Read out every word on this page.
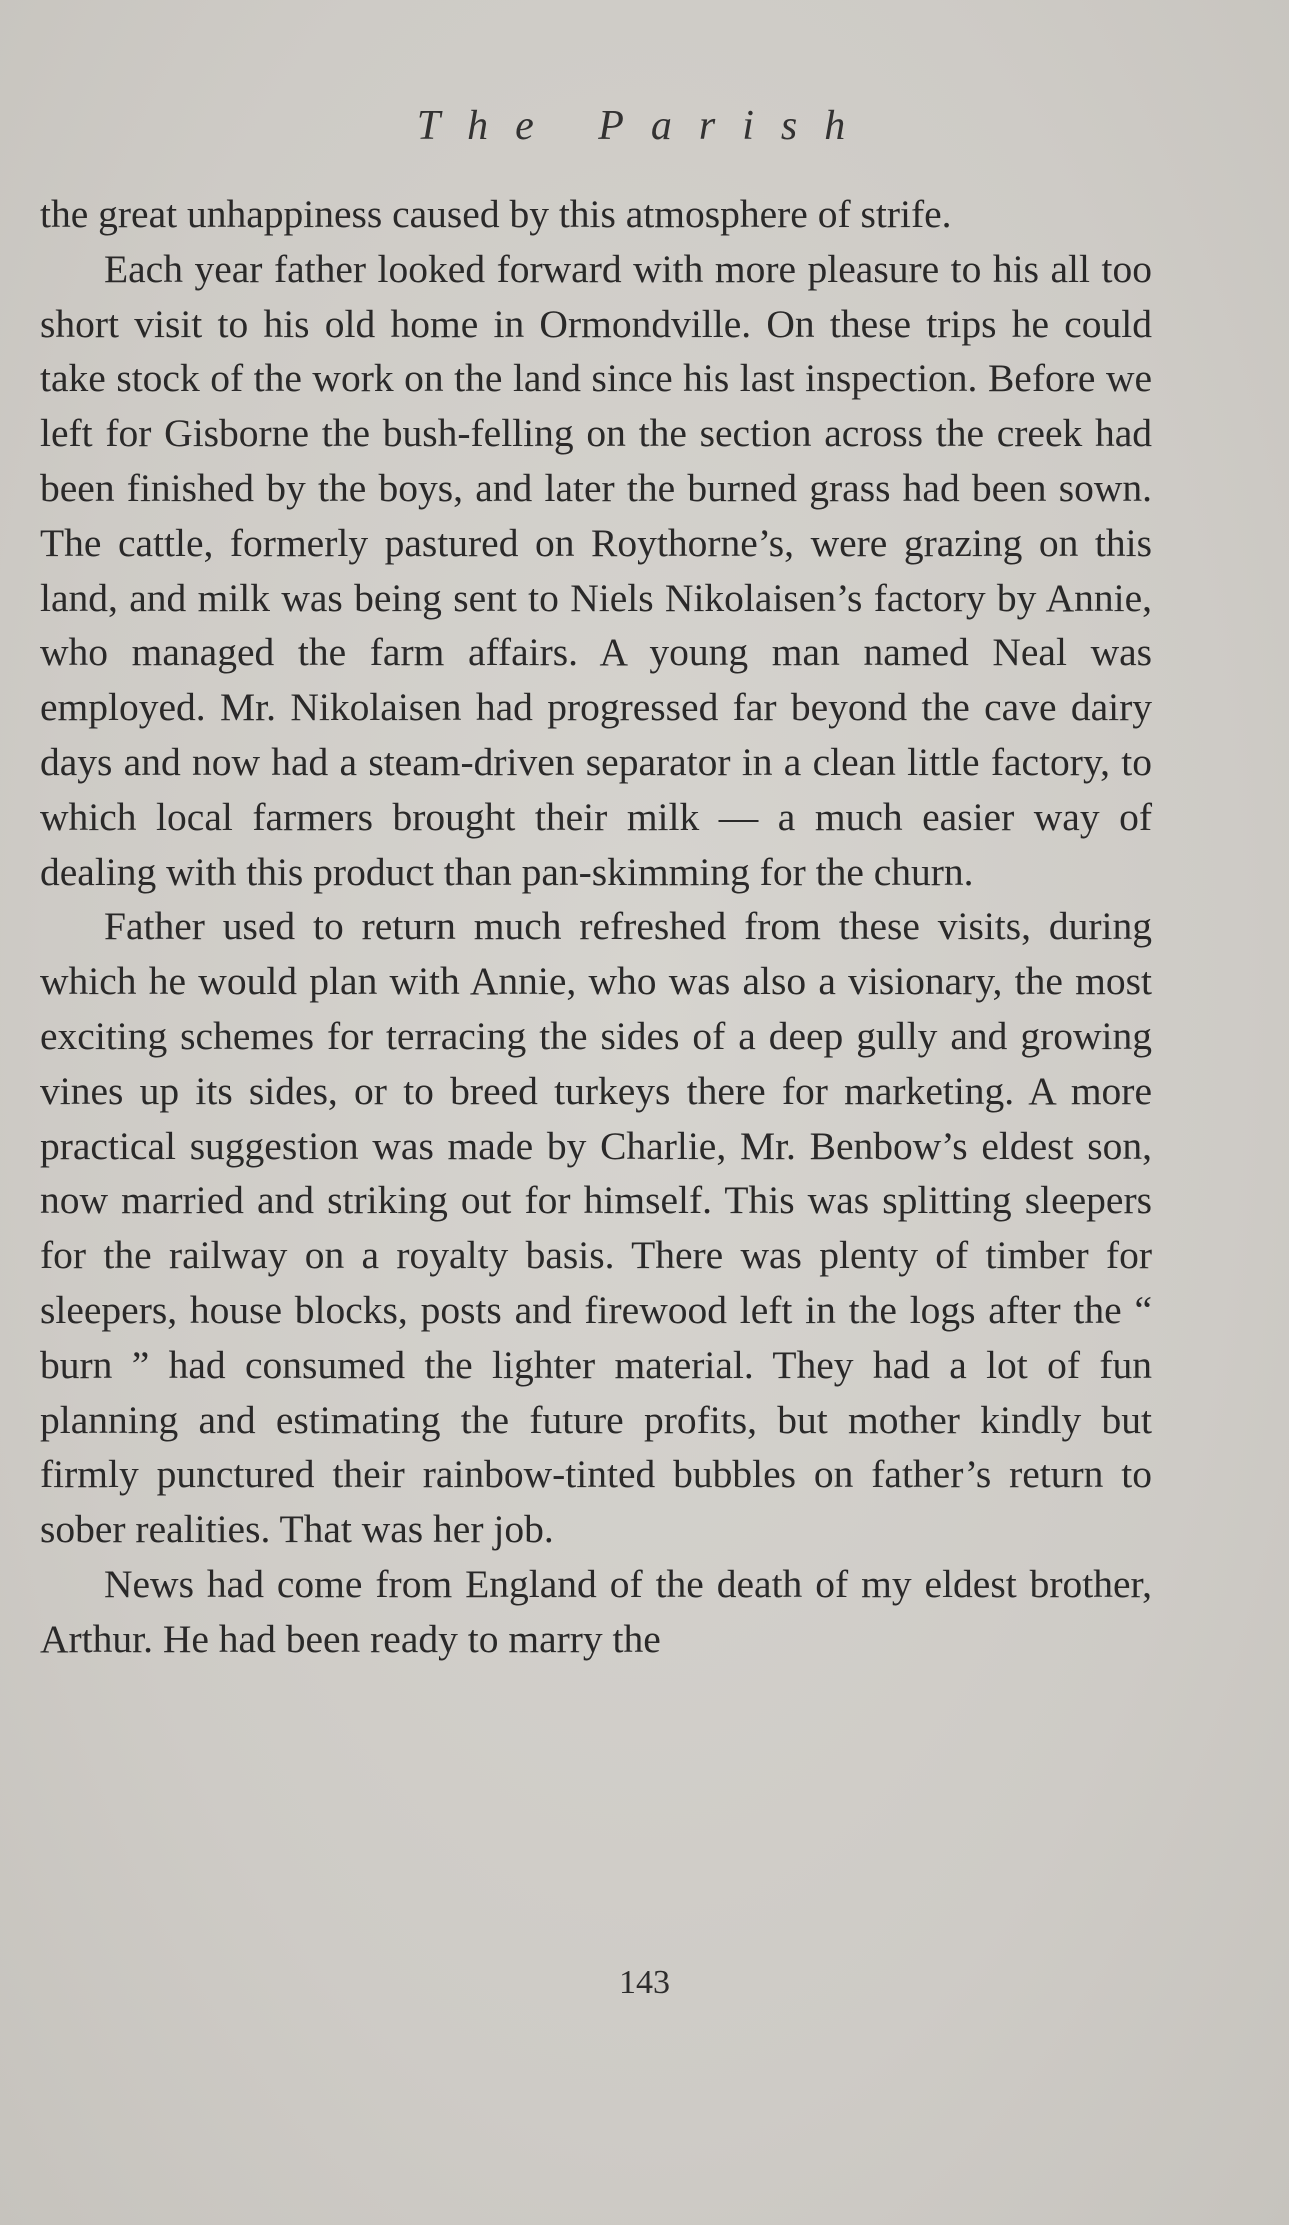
The Parish

the great unhappiness caused by this atmosphere of strife.

Each year father looked forward with more pleasure to his all too short visit to his old home in Ormondville. On these trips he could take stock of the work on the land since his last inspection. Before we left for Gisborne the bush-felling on the section across the creek had been finished by the boys, and later the burned grass had been sown. The cattle, formerly pastured on Roythorne’s, were grazing on this land, and milk was being sent to Niels Nikolaisen’s factory by Annie, who managed the farm affairs. A young man named Neal was employed. Mr. Nikolaisen had progressed far beyond the cave dairy days and now had a steam-driven separator in a clean little factory, to which local farmers brought their milk — a much easier way of dealing with this product than pan-skimming for the churn.

Father used to return much refreshed from these visits, during which he would plan with Annie, who was also a visionary, the most exciting schemes for terracing the sides of a deep gully and growing vines up its sides, or to breed turkeys there for marketing. A more practical suggestion was made by Charlie, Mr. Benbow’s eldest son, now married and striking out for himself. This was splitting sleepers for the railway on a royalty basis. There was plenty of timber for sleepers, house blocks, posts and firewood left in the logs after the “ burn ” had consumed the lighter material. They had a lot of fun planning and estimating the future profits, but mother kindly but firmly punctured their rainbow-tinted bubbles on father’s return to sober realities. That was her job.

News had come from England of the death of my eldest brother, Arthur. He had been ready to marry the

143
